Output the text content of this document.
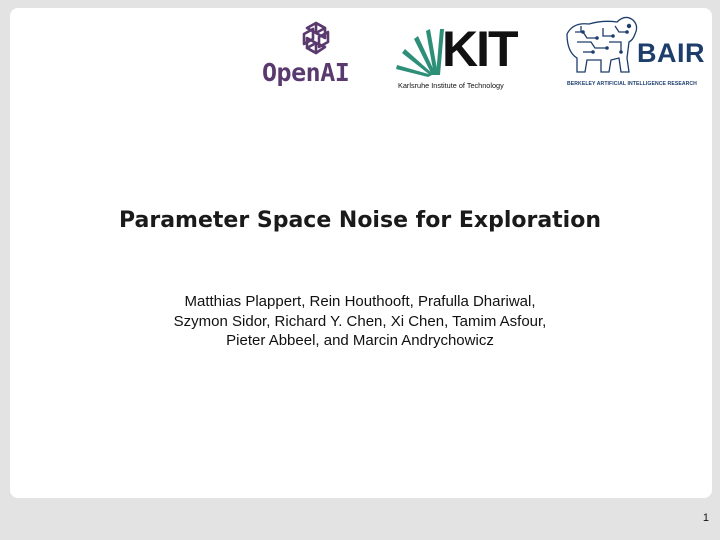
OpenAI	KIT
Karlsruhe Institute of Technology
BAIR
BERKELEY ARTIFICIAL INTELLIGENCE RESEARCH
Parameter Space Noise for Exploration
Matthias Plappert, Rein Houthooft, Prafulla Dhariwal,
Szymon Sidor, Richard Y. Chen, Xi Chen, Tamim Asfour,
Pieter Abbeel, and Marcin Andrychowicz
1
